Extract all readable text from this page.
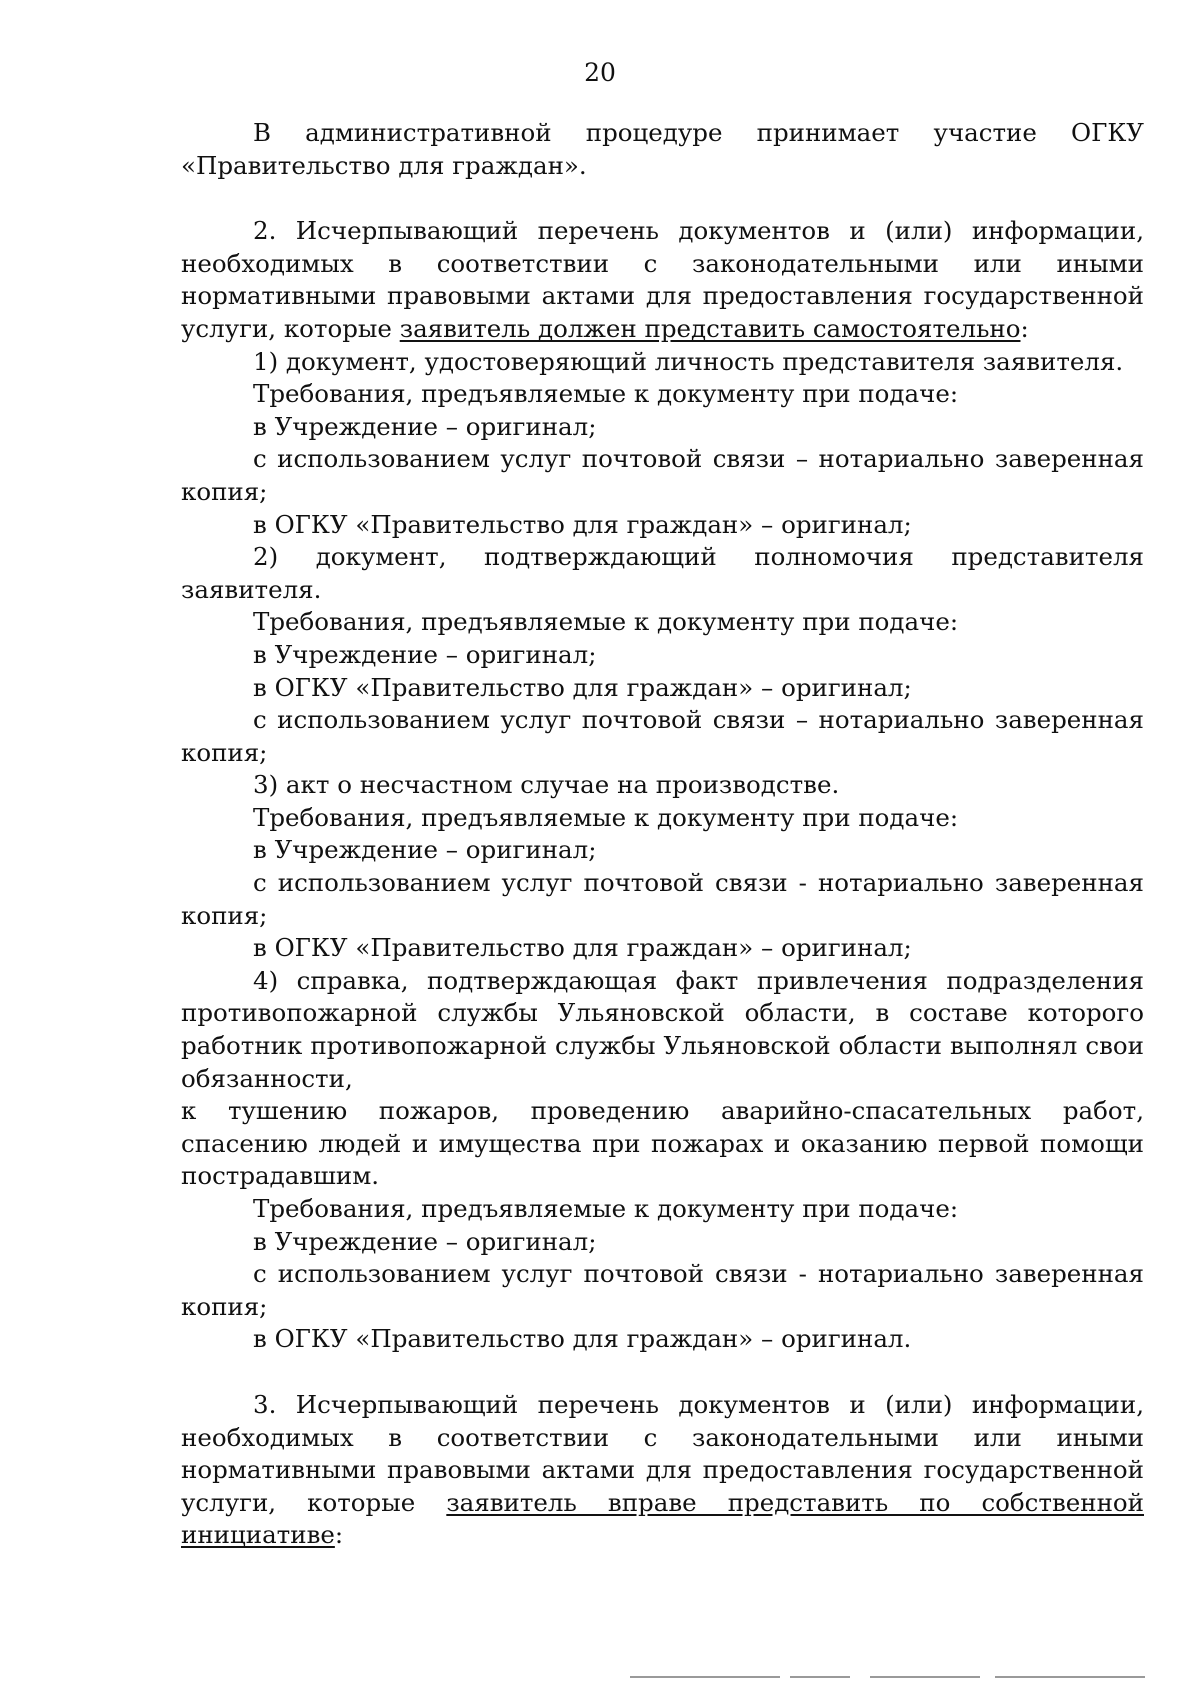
20

В административной процедуре принимает участие ОГКУ

«Правительство для граждан».

2. Исчерпывающий перечень документов и (или) информации, необходимых в соответствии с законодательными или иными нормативными правовыми актами для предоставления государственной услуги, которые заявитель должен представить самостоятельно:

1) документ, удостоверяющий личность представителя заявителя.

Требования, предъявляемые к документу при подаче:

в Учреждение – оригинал;

с использованием услуг почтовой связи – нотариально заверенная копия;

в ОГКУ «Правительство для граждан» – оригинал;

2) документ, подтверждающий полномочия представителя заявителя.

Требования, предъявляемые к документу при подаче:

в Учреждение – оригинал;

в ОГКУ «Правительство для граждан» – оригинал;

с использованием услуг почтовой связи – нотариально заверенная копия;

3) акт о несчастном случае на производстве.

Требования, предъявляемые к документу при подаче:

в Учреждение – оригинал;

с использованием услуг почтовой связи - нотариально заверенная копия;

в ОГКУ «Правительство для граждан» – оригинал;

4) справка, подтверждающая факт привлечения подразделения противопожарной службы Ульяновской области, в составе которого работник противопожарной службы Ульяновской области выполнял свои обязанности,

к тушению пожаров, проведению аварийно-спасательных работ, спасению людей и имущества при пожарах и оказанию первой помощи пострадавшим.

Требования, предъявляемые к документу при подаче:

в Учреждение – оригинал;

с использованием услуг почтовой связи - нотариально заверенная копия;

в ОГКУ «Правительство для граждан» – оригинал.

3. Исчерпывающий перечень документов и (или) информации, необходимых в соответствии с законодательными или иными нормативными правовыми актами для предоставления государственной услуги, которые заявитель вправе представить по собственной инициативе:
